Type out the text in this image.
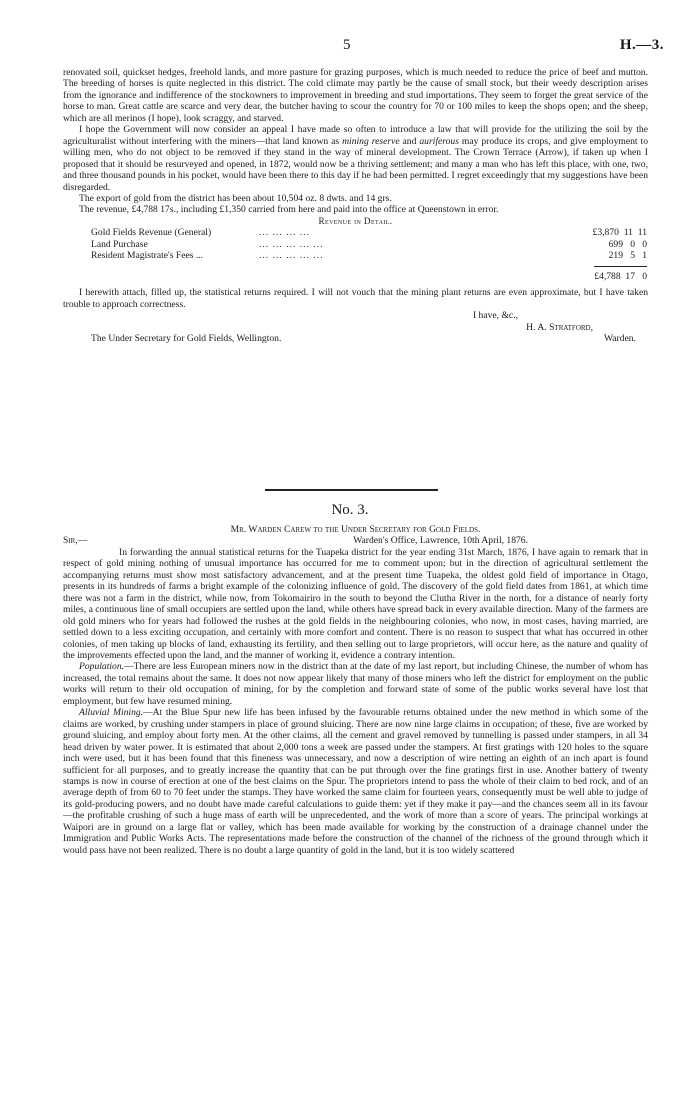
5	H.—3.

renovated soil, quickset hedges, freehold lands, and more pasture for grazing purposes, which is much needed to reduce the price of beef and mutton. The breeding of horses is quite neglected in this district. The cold climate may partly be the cause of small stock, but their weedy description arises from the ignorance and indifference of the stockowners to improvement in breeding and stud importations. They seem to forget the great service of the horse to man. Great cattle are scarce and very dear, the butcher having to scour the country for 70 or 100 miles to keep the shops open; and the sheep, which are all merinos (I hope), look scraggy, and starved.

I hope the Government will now consider an appeal I have made so often to introduce a law that will provide for the utilizing the soil by the agriculturalist without interfering with the miners—that land known as mining reserve and auriferous may produce its crops, and give employment to willing men, who do not object to be removed if they stand in the way of mineral development. The Crown Terrace (Arrow), if taken up when I proposed that it should be resurveyed and opened, in 1872, would now be a thriving settlement; and many a man who has left this place, with one, two, and three thousand pounds in his pocket, would have been there to this day if he had been permitted. I regret exceedingly that my suggestions have been disregarded.

The export of gold from the district has been about 10,504 oz. 8 dwts. and 14 grs.

The revenue, £4,788 17s., including £1,350 carried from here and paid into the office at Queenstown in error.

Revenue in Detail.
Gold Fields Revenue (General)	... ... ... ...	£3,870  11  11
Land Purchase	... ... ... ... ...	699   0   0
Resident Magistrate's Fees ...	... ... ... ... ...	219   5   1
		£4,788  17   0

I herewith attach, filled up, the statistical returns required. I will not vouch that the mining plant returns are even approximate, but I have taken trouble to approach correctness.

I have, &c.,

H. A. Stratford,

The Under Secretary for Gold Fields, Wellington.	Warden.
No. 3.

Mr. Warden Carew to the Under Secretary for Gold Fields.

Sir,—	Warden's Office, Lawrence, 10th April, 1876.

In forwarding the annual statistical returns for the Tuapeka district for the year ending 31st March, 1876, I have again to remark that in respect of gold mining nothing of unusual importance has occurred for me to comment upon; but in the direction of agricultural settlement the accompanying returns must show most satisfactory advancement, and at the present time Tuapeka, the oldest gold field of importance in Otago, presents in its hundreds of farms a bright example of the colonizing influence of gold. The discovery of the gold field dates from 1861, at which time there was not a farm in the district, while now, from Tokomairiro in the south to beyond the Clutha River in the north, for a distance of nearly forty miles, a continuous line of small occupiers are settled upon the land, while others have spread back in every available direction. Many of the farmers are old gold miners who for years had followed the rushes at the gold fields in the neighbouring colonies, who now, in most cases, having married, are settled down to a less exciting occupation, and certainly with more comfort and content. There is no reason to suspect that what has occurred in other colonies, of men taking up blocks of land, exhausting its fertility, and then selling out to large proprietors, will occur here, as the nature and quality of the improvements effected upon the land, and the manner of working it, evidence a contrary intention.

Population.—There are less European miners now in the district than at the date of my last report, but including Chinese, the number of whom has increased, the total remains about the same. It does not now appear likely that many of those miners who left the district for employment on the public works will return to their old occupation of mining, for by the completion and forward state of some of the public works several have lost that employment, but few have resumed mining.

Alluvial Mining.—At the Blue Spur new life has been infused by the favourable returns obtained under the new method in which some of the claims are worked, by crushing under stampers in place of ground sluicing. There are now nine large claims in occupation; of these, five are worked by ground sluicing, and employ about forty men. At the other claims, all the cement and gravel removed by tunnelling is passed under stampers, in all 34 head driven by water power. It is estimated that about 2,000 tons a week are passed under the stampers. At first gratings with 120 holes to the square inch were used, but it has been found that this fineness was unnecessary, and now a description of wire netting an eighth of an inch apart is found sufficient for all purposes, and to greatly increase the quantity that can be put through over the fine gratings first in use. Another battery of twenty stamps is now in course of erection at one of the best claims on the Spur. The proprietors intend to pass the whole of their claim to bed rock, and of an average depth of from 60 to 70 feet under the stamps. They have worked the same claim for fourteen years, consequently must be well able to judge of its gold-producing powers, and no doubt have made careful calculations to guide them: yet if they make it pay—and the chances seem all in its favour—the profitable crushing of such a huge mass of earth will be unprecedented, and the work of more than a score of years. The principal workings at Waipori are in ground on a large flat or valley, which has been made available for working by the construction of a drainage channel under the Immigration and Public Works Acts. The representations made before the construction of the channel of the richness of the ground through which it would pass have not been realized. There is no doubt a large quantity of gold in the land, but it is too widely scattered
